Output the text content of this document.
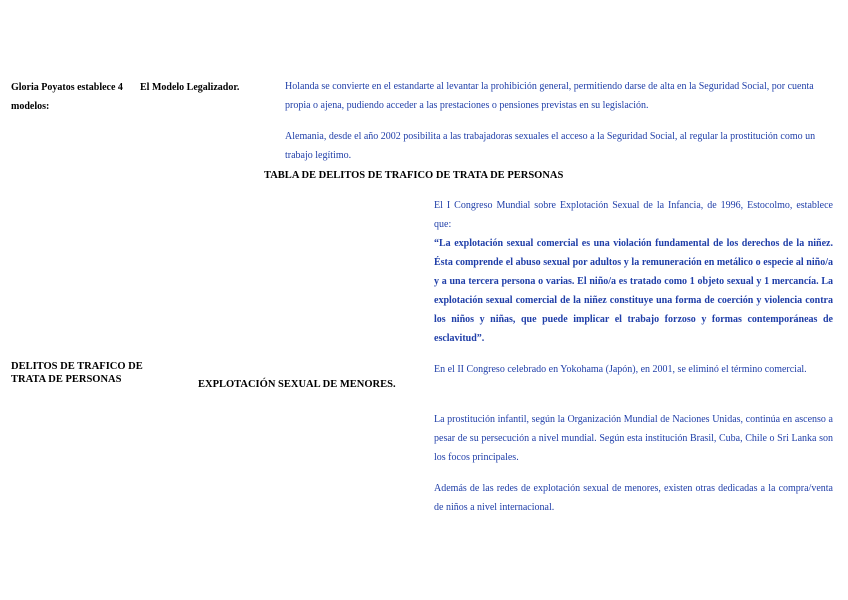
Gloria Poyatos establece 4 modelos:
El Modelo Legalizador.	Holanda se convierte en el estandarte al levantar la prohibición general, permitiendo darse de alta en la Seguridad Social, por cuenta propia o ajena, pudiendo acceder a las prestaciones o pensiones previstas en su legislación.
Alemania, desde el año 2002 posibilita a las trabajadoras sexuales el acceso a la Seguridad Social, al regular la prostitución como un trabajo legítimo.
TABLA DE DELITOS DE TRAFICO DE TRATA DE PERSONAS
DELITOS DE TRAFICO DE TRATA DE PERSONAS	EXPLOTACIÓN SEXUAL DE MENORES.
El I Congreso Mundial sobre Explotación Sexual de la Infancia, de 1996, Estocolmo, establece que:
“La explotación sexual comercial es una violación fundamental de los derechos de la niñez. Ésta comprende el abuso sexual por adultos y la remuneración en metálico o especie al niño/a y a una tercera persona o varias. El niño/a es tratado como 1 objeto sexual y 1 mercancía. La explotación sexual comercial de la niñez constituye una forma de coerción y violencia contra los niños y niñas, que puede implicar el trabajo forzoso y formas contemporáneas de esclavitud”.
En el II Congreso celebrado en Yokohama (Japón), en 2001, se eliminó el término comercial.
La prostitución infantil, según la Organización Mundial de Naciones Unidas, continúa en ascenso a pesar de su persecución a nivel mundial. Según esta institución Brasil, Cuba, Chile o Sri Lanka son los focos principales.
Además de las redes de explotación sexual de menores, existen otras dedicadas a la compra/venta de niños a nivel internacional.
